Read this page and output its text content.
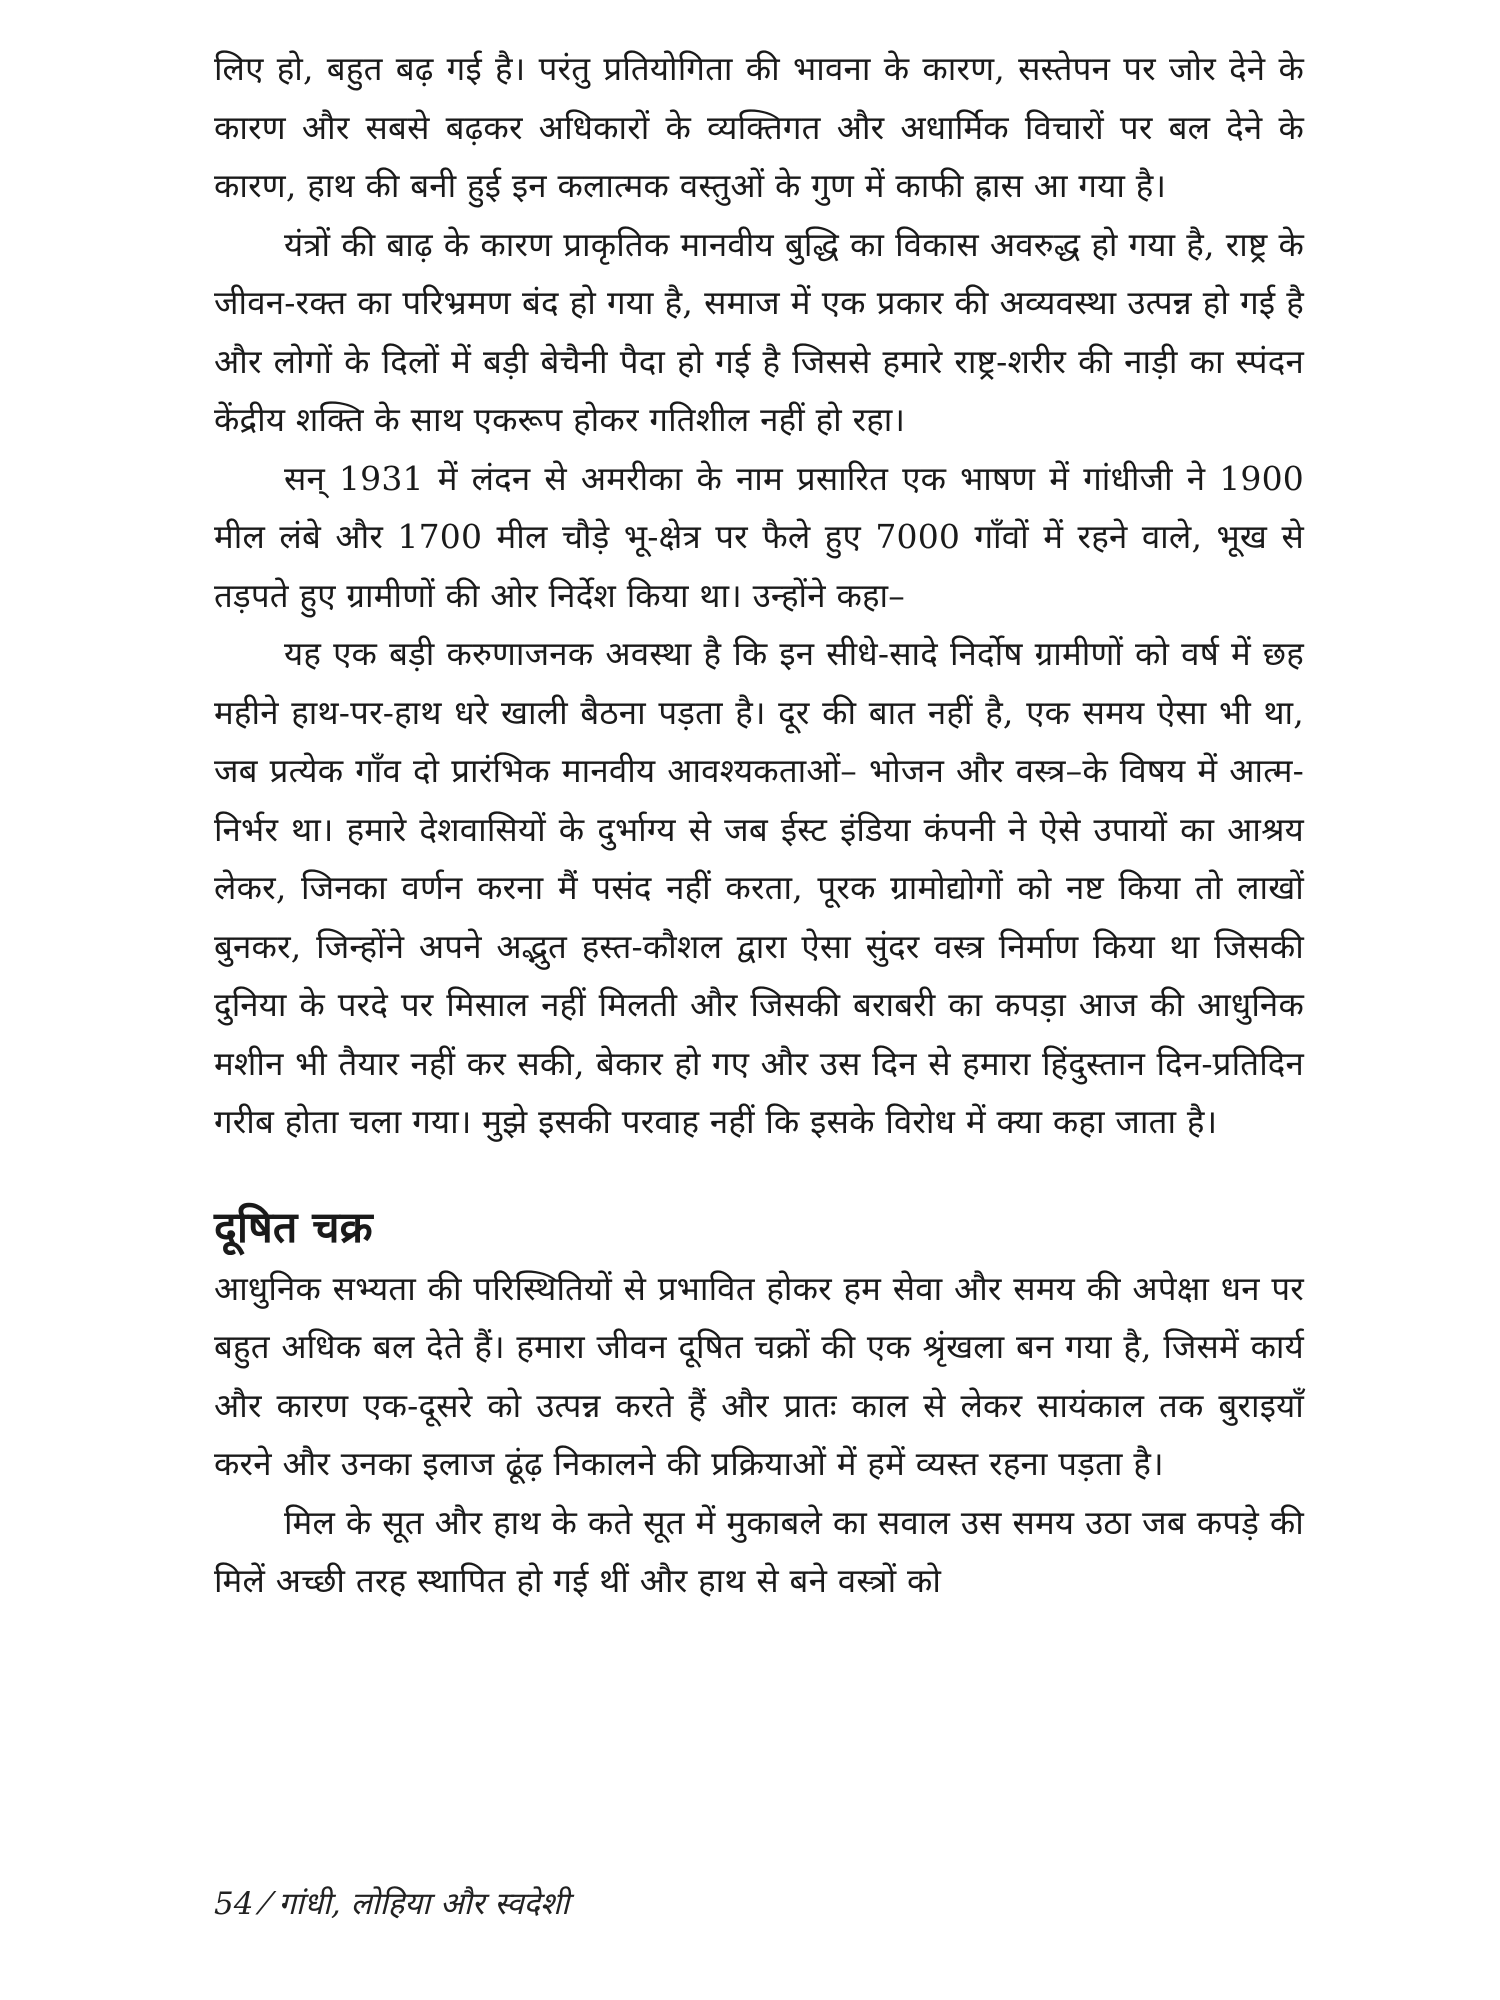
लिए हो, बहुत बढ़ गई है। परंतु प्रतियोगिता की भावना के कारण, सस्तेपन पर जोर देने के कारण और सबसे बढ़कर अधिकारों के व्यक्तिगत और अधार्मिक विचारों पर बल देने के कारण, हाथ की बनी हुई इन कलात्मक वस्तुओं के गुण में काफी ह्रास आ गया है।

यंत्रों की बाढ़ के कारण प्राकृतिक मानवीय बुद्धि का विकास अवरुद्ध हो गया है, राष्ट्र के जीवन-रक्त का परिभ्रमण बंद हो गया है, समाज में एक प्रकार की अव्यवस्था उत्पन्न हो गई है और लोगों के दिलों में बड़ी बेचैनी पैदा हो गई है जिससे हमारे राष्ट्र-शरीर की नाड़ी का स्पंदन केंद्रीय शक्ति के साथ एकरूप होकर गतिशील नहीं हो रहा।

सन् 1931 में लंदन से अमरीका के नाम प्रसारित एक भाषण में गांधीजी ने 1900 मील लंबे और 1700 मील चौड़े भू-क्षेत्र पर फैले हुए 7000 गाँवों में रहने वाले, भूख से तड़पते हुए ग्रामीणों की ओर निर्देश किया था। उन्होंने कहा–

यह एक बड़ी करुणाजनक अवस्था है कि इन सीधे-सादे निर्दोष ग्रामीणों को वर्ष में छह महीने हाथ-पर-हाथ धरे खाली बैठना पड़ता है। दूर की बात नहीं है, एक समय ऐसा भी था, जब प्रत्येक गाँव दो प्रारंभिक मानवीय आवश्यकताओं– भोजन और वस्त्र–के विषय में आत्म-निर्भर था। हमारे देशवासियों के दुर्भाग्य से जब ईस्ट इंडिया कंपनी ने ऐसे उपायों का आश्रय लेकर, जिनका वर्णन करना मैं पसंद नहीं करता, पूरक ग्रामोद्योगों को नष्ट किया तो लाखों बुनकर, जिन्होंने अपने अद्भुत हस्त-कौशल द्वारा ऐसा सुंदर वस्त्र निर्माण किया था जिसकी दुनिया के परदे पर मिसाल नहीं मिलती और जिसकी बराबरी का कपड़ा आज की आधुनिक मशीन भी तैयार नहीं कर सकी, बेकार हो गए और उस दिन से हमारा हिंदुस्तान दिन-प्रतिदिन गरीब होता चला गया। मुझे इसकी परवाह नहीं कि इसके विरोध में क्या कहा जाता है।

दूषित चक्र

आधुनिक सभ्यता की परिस्थितियों से प्रभावित होकर हम सेवा और समय की अपेक्षा धन पर बहुत अधिक बल देते हैं। हमारा जीवन दूषित चक्रों की एक श्रृंखला बन गया है, जिसमें कार्य और कारण एक-दूसरे को उत्पन्न करते हैं और प्रातः काल से लेकर सायंकाल तक बुराइयाँ करने और उनका इलाज ढूंढ़ निकालने की प्रक्रियाओं में हमें व्यस्त रहना पड़ता है।

मिल के सूत और हाथ के कते सूत में मुकाबले का सवाल उस समय उठा जब कपड़े की मिलें अच्छी तरह स्थापित हो गई थीं और हाथ से बने वस्त्रों को

54 ⁄ गांधी, लोहिया और स्वदेशी
